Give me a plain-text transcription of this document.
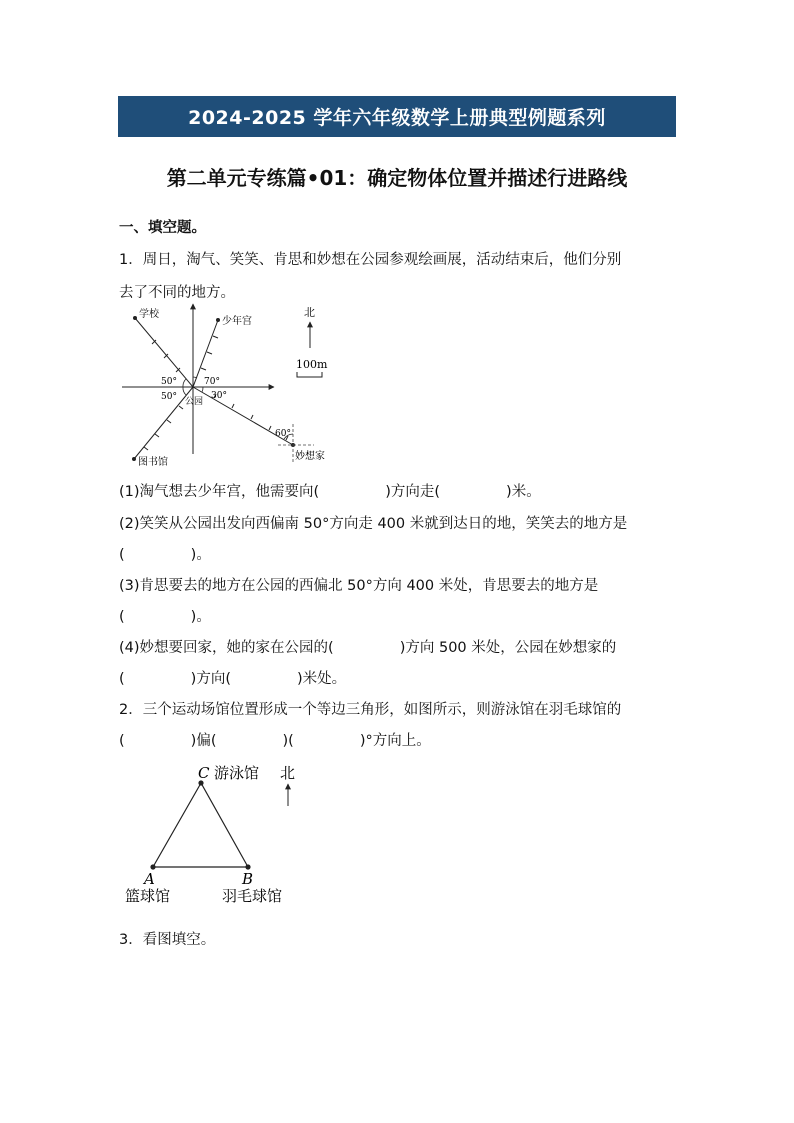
2024-2025 学年六年级数学上册典型例题系列
第二单元专练篇•01：确定物体位置并描述行进路线
一、填空题。
1．周日，淘气、笑笑、肯思和妙想在公园参观绘画展，活动结束后，他们分别
去了不同的地方。
学校
少年宫
图书馆
妙想家
公园
50°
50°
70°
30°
60°
北
100m
(1)淘气想去少年宫，他需要向(	)方向走(	)米。
(2)笑笑从公园出发向西偏南 50°方向走 400 米就到达日的地，笑笑去的地方是
(	)。
(3)肯思要去的地方在公园的西偏北 50°方向 400 米处，肯思要去的地方是
(	)。
(4)妙想要回家，她的家在公园的(	)方向 500 米处，公园在妙想家的
(	)方向(	)米处。
2．三个运动场馆位置形成一个等边三角形，如图所示，则游泳馆在羽毛球馆的
(	)偏(	)(	)°方向上。
C 游泳馆 北
A
篮球馆
B
羽毛球馆
3．看图填空。
